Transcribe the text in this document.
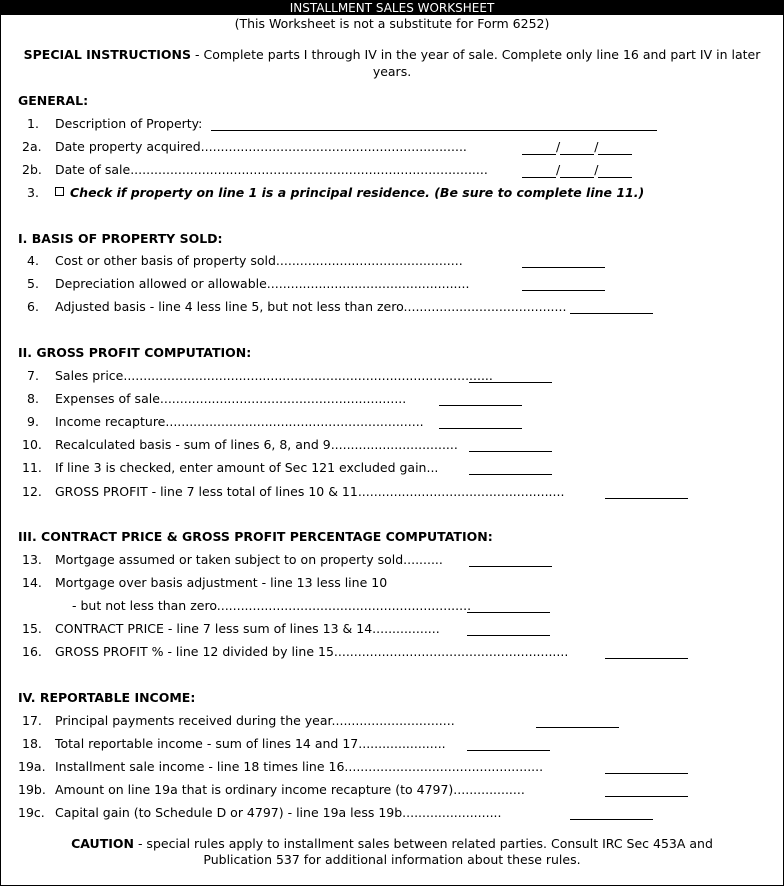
INSTALLMENT SALES WORKSHEET
(This Worksheet is not a substitute for Form 6252)
SPECIAL INSTRUCTIONS - Complete parts I through IV in the year of sale. Complete only line 16 and part IV in later years.
GENERAL:
1. Description of Property:
2a. Date property acquired...................................................................	/	/
2b. Date of sale..........................................................................................	/	/
3.	Check if property on line 1 is a principal residence. (Be sure to complete line 11.)
I. BASIS OF PROPERTY SOLD:
4. Cost or other basis of property sold...............................................
5. Depreciation allowed or allowable...................................................
6. Adjusted basis - line 4 less line 5, but not less than zero.........................................
II. GROSS PROFIT COMPUTATION:
7. Sales price.............................................................................................
8. Expenses of sale..............................................................
9. Income recapture.................................................................
10. Recalculated basis - sum of lines 6, 8, and 9................................
11. If line 3 is checked, enter amount of Sec 121 excluded gain...
12. GROSS PROFIT - line 7 less total of lines 10 & 11....................................................
III. CONTRACT PRICE & GROSS PROFIT PERCENTAGE COMPUTATION:
13. Mortgage assumed or taken subject to on property sold..........
14. Mortgage over basis adjustment - line 13 less line 10
- but not less than zero................................................................
15. CONTRACT PRICE - line 7 less sum of lines 13 & 14.................
16. GROSS PROFIT % - line 12 divided by line 15...........................................................
IV. REPORTABLE INCOME:
17. Principal payments received during the year...............................
18. Total reportable income - sum of lines 14 and 17......................
19a. Installment sale income - line 18 times line 16..................................................
19b. Amount on line 19a that is ordinary income recapture (to 4797)..................
19c. Capital gain (to Schedule D or 4797) - line 19a less 19b.........................
CAUTION - special rules apply to installment sales between related parties. Consult IRC Sec 453A and Publication 537 for additional information about these rules.
